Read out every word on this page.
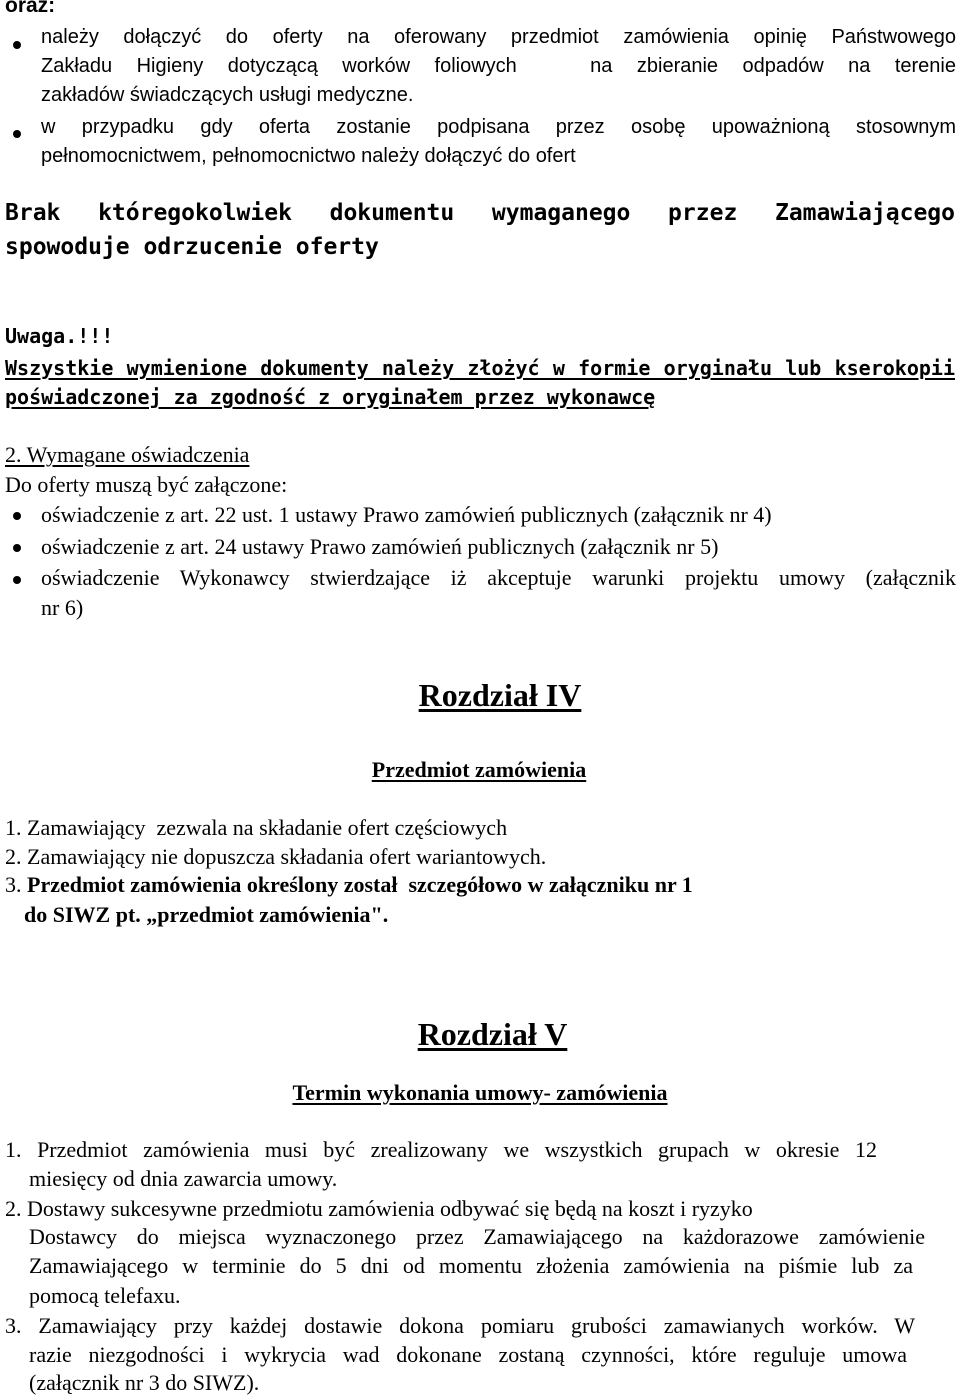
oraz:

należy dołączyć do oferty na oferowany przedmiot zamówienia opinię Państwowego

Zakładu Higieny dotyczącą worków foliowych   na zbieranie odpadów na terenie

zakładów świadczących usługi medyczne.

w przypadku gdy oferta zostanie podpisana przez osobę upoważnioną stosownym

pełnomocnictwem, pełnomocnictwo należy dołączyć do ofert

Brak któregokolwiek dokumentu wymaganego przez Zamawiającego

spowoduje odrzucenie oferty

Uwaga.!!!

Wszystkie wymienione dokumenty należy złożyć w formie oryginału lub kserokopii

poświadczonej za zgodność z oryginałem przez wykonawcę

2. Wymagane oświadczenia

Do oferty muszą być załączone:

oświadczenie z art. 22 ust. 1 ustawy Prawo zamówień publicznych (załącznik nr 4)

oświadczenie z art. 24 ustawy Prawo zamówień publicznych (załącznik nr 5)

oświadczenie Wykonawcy stwierdzające iż akceptuje warunki projektu umowy (załącznik

nr 6)

Rozdział IV

Przedmiot zamówienia

1. Zamawiający  zezwala na składanie ofert częściowych

2. Zamawiający nie dopuszcza składania ofert wariantowych.

3. Przedmiot zamówienia określony został  szczegółowo w załączniku nr 1

do SIWZ pt. „przedmiot zamówienia".

Rozdział V

Termin wykonania umowy- zamówienia

1. Przedmiot zamówienia musi być zrealizowany we wszystkich grupach w okresie 12

miesięcy od dnia zawarcia umowy.

2. Dostawy sukcesywne przedmiotu zamówienia odbywać się będą na koszt i ryzyko

Dostawcy do miejsca wyznaczonego przez Zamawiającego na każdorazowe zamówienie

Zamawiającego w terminie do 5 dni od momentu złożenia zamówienia na piśmie lub za

pomocą telefaxu.

3. Zamawiający przy każdej dostawie dokona pomiaru grubości zamawianych worków. W

razie niezgodności i wykrycia wad dokonane zostaną czynności, które reguluje umowa

(załącznik nr 3 do SIWZ).
